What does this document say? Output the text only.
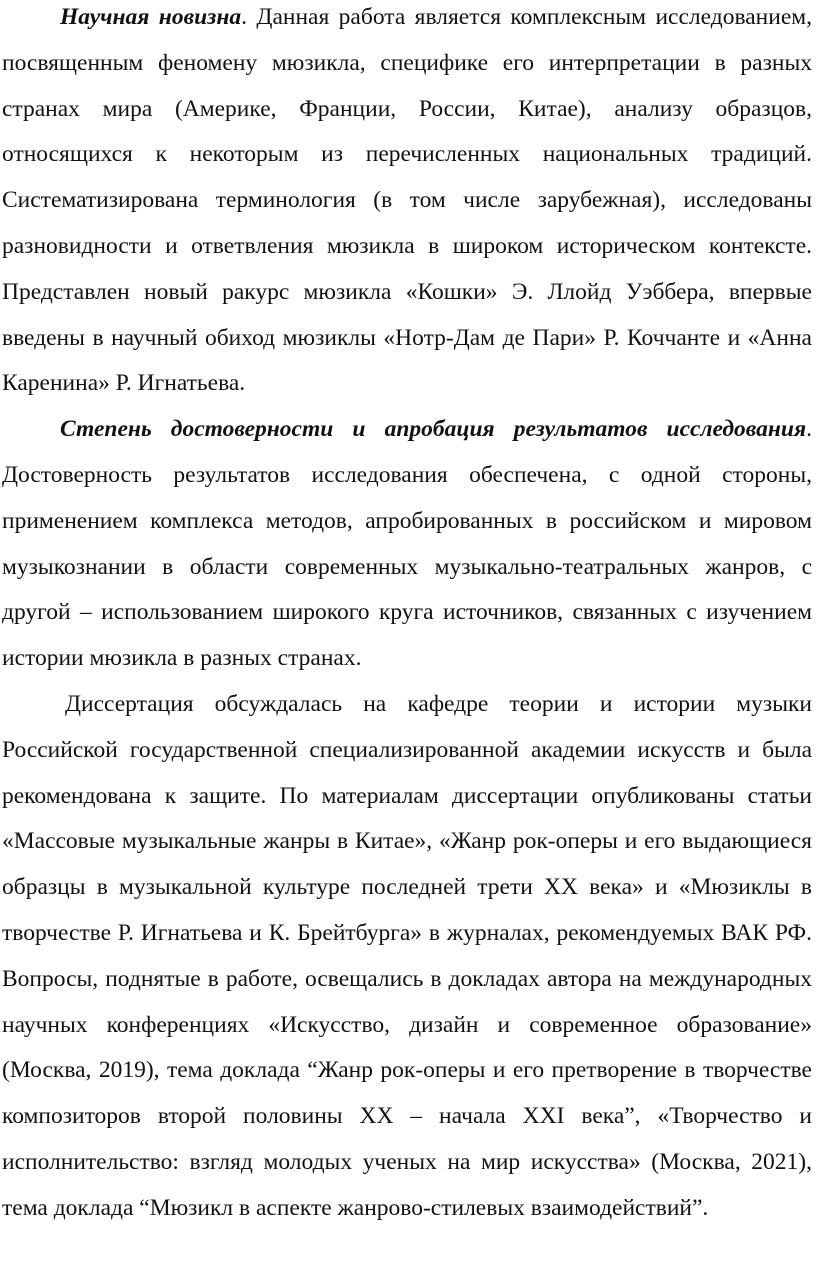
Научная новизна. Данная работа является комплексным исследованием, посвященным феномену мюзикла, специфике его интерпретации в разных странах мира (Америке, Франции, России, Китае), анализу образцов, относящихся к некоторым из перечисленных национальных традиций. Систематизирована терминология (в том числе зарубежная), исследованы разновидности и ответвления мюзикла в широком историческом контексте. Представлен новый ракурс мюзикла «Кошки» Э. Ллойд Уэббера, впервые введены в научный обиход мюзиклы «Нотр-Дам де Пари» Р. Коччанте и «Анна Каренина» Р. Игнатьева.

Степень достоверности и апробация результатов исследования. Достоверность результатов исследования обеспечена, с одной стороны, применением комплекса методов, апробированных в российском и мировом музыкознании в области современных музыкально-театральных жанров, с другой – использованием широкого круга источников, связанных с изучением истории мюзикла в разных странах.

Диссертация обсуждалась на кафедре теории и истории музыки Российской государственной специализированной академии искусств и была рекомендована к защите. По материалам диссертации опубликованы статьи «Массовые музыкальные жанры в Китае», «Жанр рок-оперы и его выдающиеся образцы в музыкальной культуре последней трети XX века» и «Мюзиклы в творчестве Р. Игнатьева и К. Брейтбурга» в журналах, рекомендуемых ВАК РФ. Вопросы, поднятые в работе, освещались в докладах автора на международных научных конференциях «Искусство, дизайн и современное образование» (Москва, 2019), тема доклада “Жанр рок-оперы и его претворение в творчестве композиторов второй половины XX – начала XXI века”, «Творчество и исполнительство: взгляд молодых ученых на мир искусства» (Москва, 2021), тема доклада “Мюзикл в аспекте жанрово-стилевых взаимодействий”.
